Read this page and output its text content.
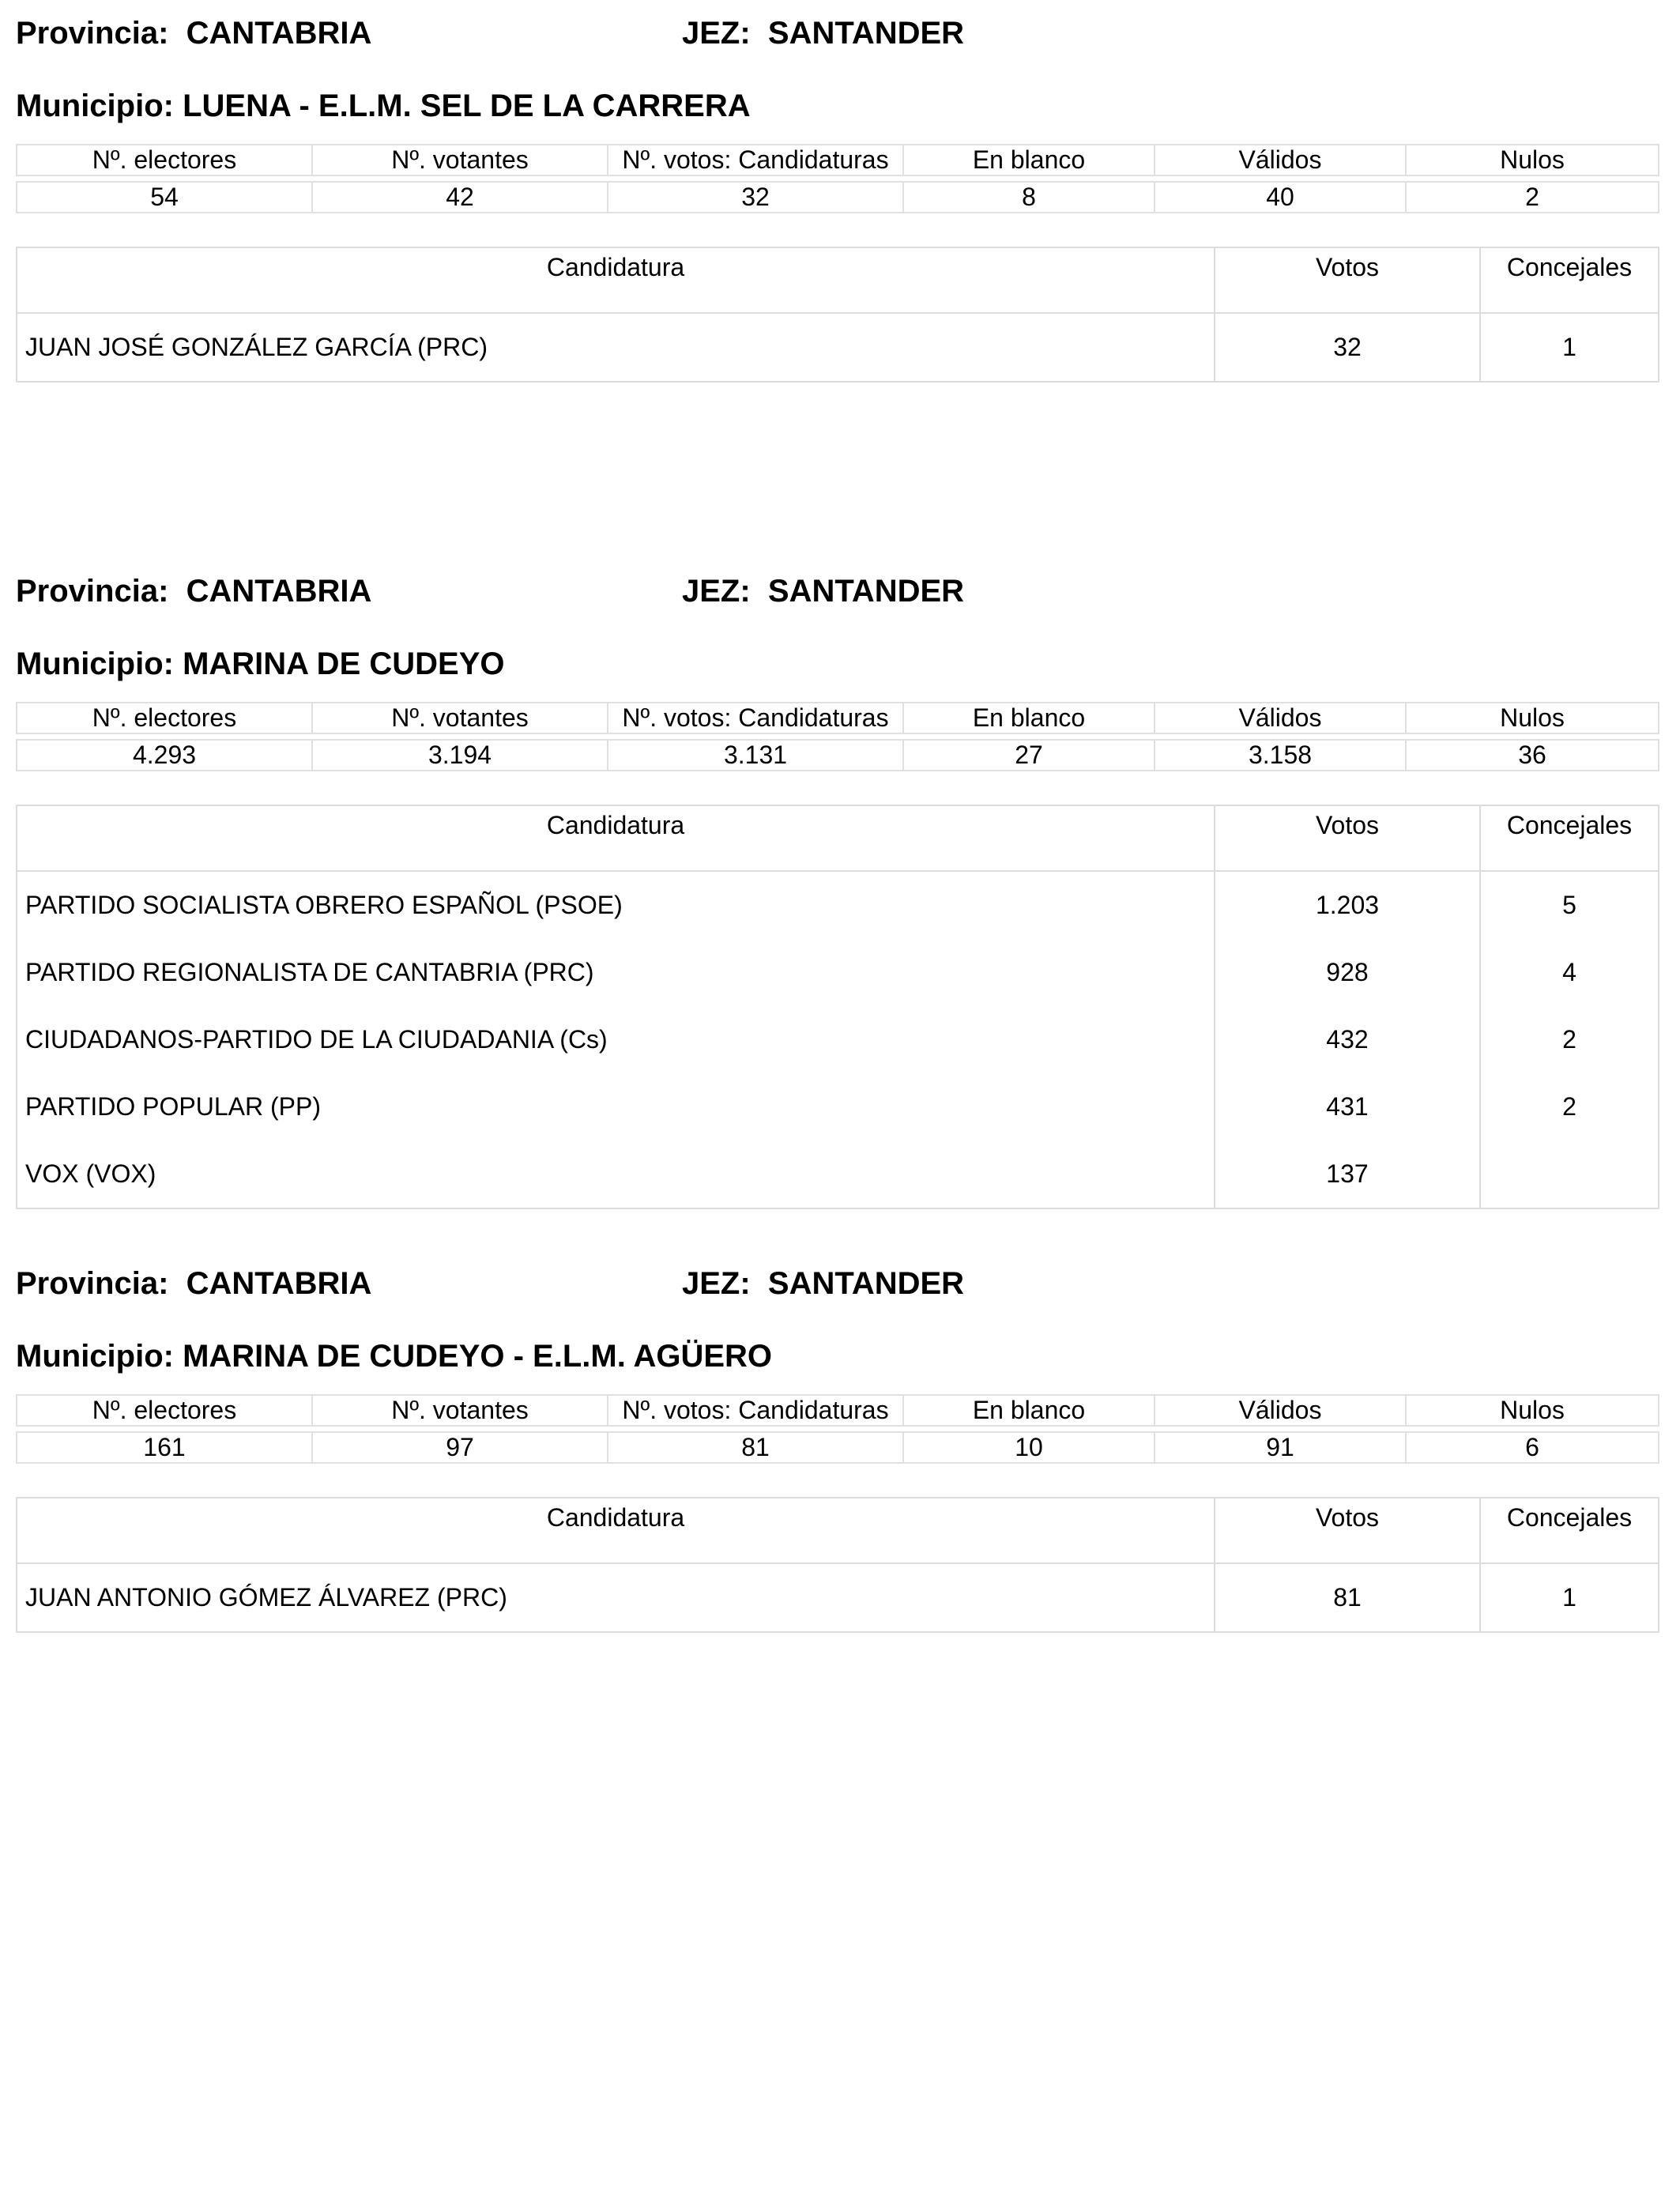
Provincia:  CANTABRIA	JEZ:  SANTANDER
Municipio: LUENA - E.L.M. SEL DE LA CARRERA
Nº. electores	Nº. votantes	Nº. votos: Candidaturas	En blanco	Válidos	Nulos

54	42	32	8	40	2
Candidatura	Votos	Concejales
JUAN JOSÉ GONZÁLEZ GARCÍA (PRC)	32	1
Provincia:  CANTABRIA	JEZ:  SANTANDER
Municipio: MARINA DE CUDEYO
Nº. electores	Nº. votantes	Nº. votos: Candidaturas	En blanco	Válidos	Nulos

4.293	3.194	3.131	27	3.158	36
Candidatura	Votos	Concejales
PARTIDO SOCIALISTA OBRERO ESPAÑOL (PSOE)	1.203	5
PARTIDO REGIONALISTA DE CANTABRIA (PRC)	928	4
CIUDADANOS-PARTIDO DE LA CIUDADANIA (Cs)	432	2
PARTIDO POPULAR (PP)	431	2
VOX (VOX)	137	
Provincia:  CANTABRIA	JEZ:  SANTANDER
Municipio: MARINA DE CUDEYO - E.L.M. AGÜERO
Nº. electores	Nº. votantes	Nº. votos: Candidaturas	En blanco	Válidos	Nulos

161	97	81	10	91	6
Candidatura	Votos	Concejales
JUAN ANTONIO GÓMEZ ÁLVAREZ (PRC)	81	1
